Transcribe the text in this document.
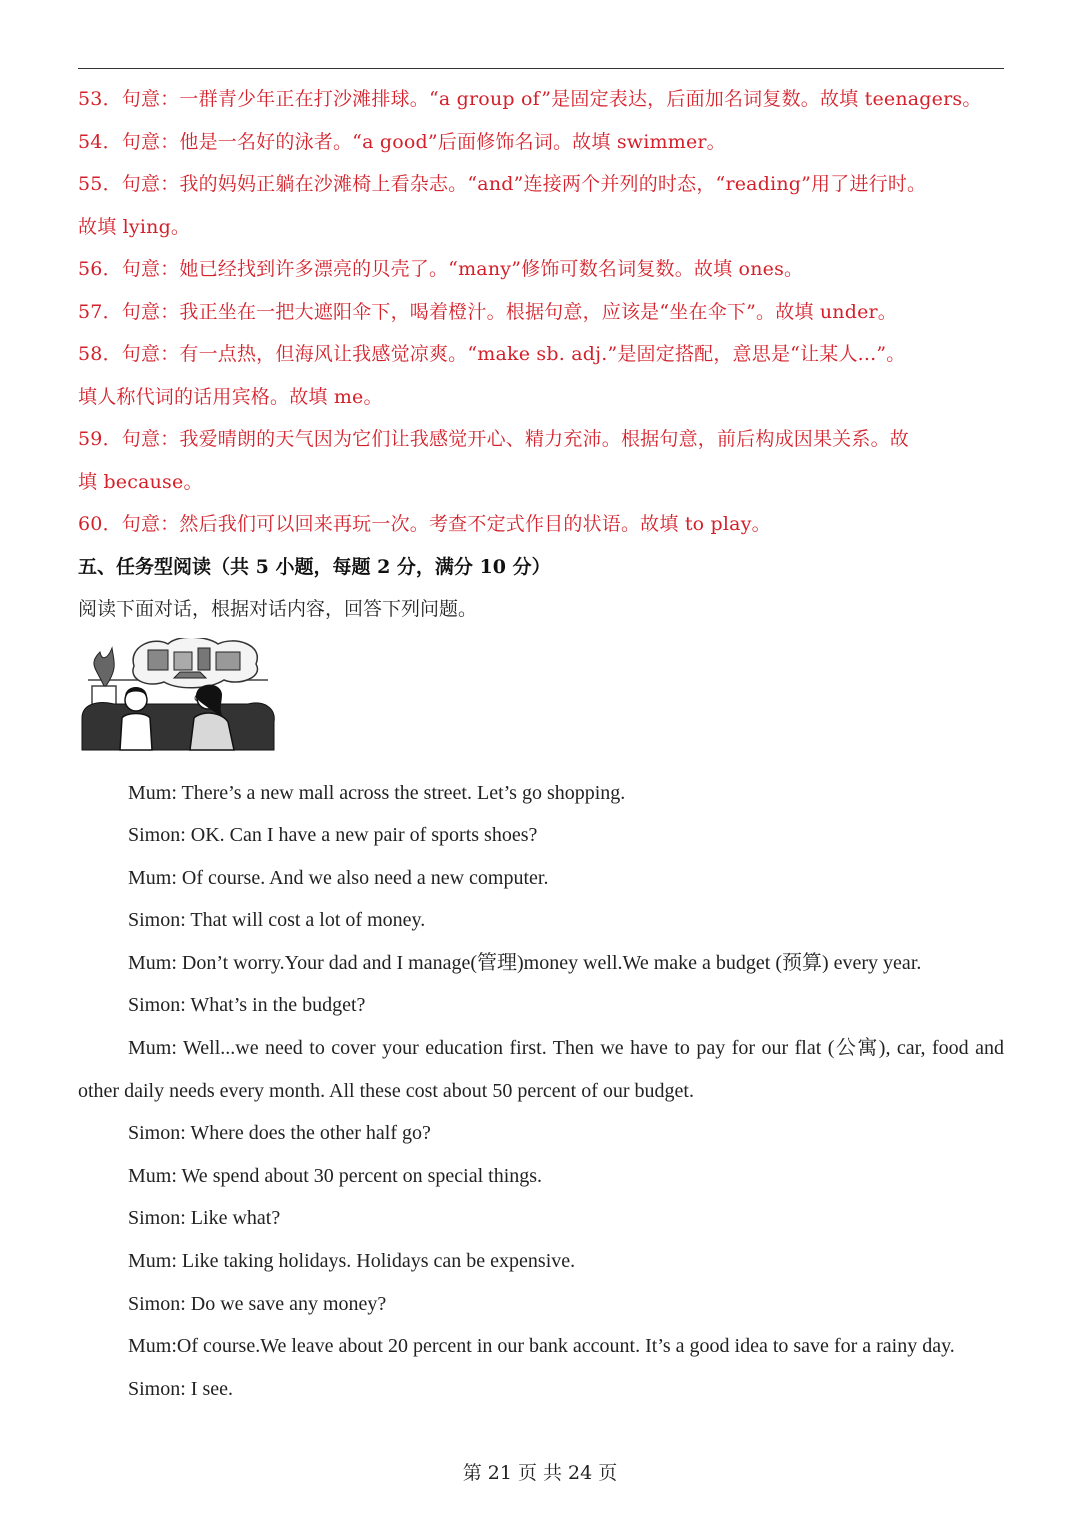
53．句意：一群青少年正在打沙滩排球。“a group of”是固定表达，后面加名词复数。故填 teenagers。

54．句意：他是一名好的泳者。“a good”后面修饰名词。故填 swimmer。

55．句意：我的妈妈正躺在沙滩椅上看杂志。“and”连接两个并列的时态，“reading”用了进行时。

故填 lying。

56．句意：她已经找到许多漂亮的贝壳了。“many”修饰可数名词复数。故填 ones。

57．句意：我正坐在一把大遮阳伞下，喝着橙汁。根据句意，应该是“坐在伞下”。故填 under。

58．句意：有一点热，但海风让我感觉凉爽。“make sb. adj.”是固定搭配，意思是“让某人...”。

填人称代词的话用宾格。故填 me。

59．句意：我爱晴朗的天气因为它们让我感觉开心、精力充沛。根据句意，前后构成因果关系。故

填 because。

60．句意：然后我们可以回来再玩一次。考查不定式作目的状语。故填 to play。

五、任务型阅读（共 5 小题，每题 2 分，满分 10 分）

阅读下面对话，根据对话内容，回答下列问题。

Mum: There’s a new mall across the street. Let’s go shopping.

Simon: OK. Can I have a new pair of sports shoes?

Mum: Of course. And we also need a new computer.

Simon: That will cost a lot of money.

Mum: Don’t worry.Your dad and I manage(管理)money well.We make a budget (预算) every year.

Simon: What’s in the budget?

Mum: Well...we need to cover your education first. Then we have to pay for our flat (公寓), car, food and other daily needs every month. All these cost about 50 percent of our budget.

Simon: Where does the other half go?

Mum: We spend about 30 percent on special things.

Simon: Like what?

Mum: Like taking holidays. Holidays can be expensive.

Simon: Do we save any money?

Mum:Of course.We leave about 20 percent in our bank account. It’s a good idea to save for a rainy day.

Simon: I see.

第 21 页 共 24 页
